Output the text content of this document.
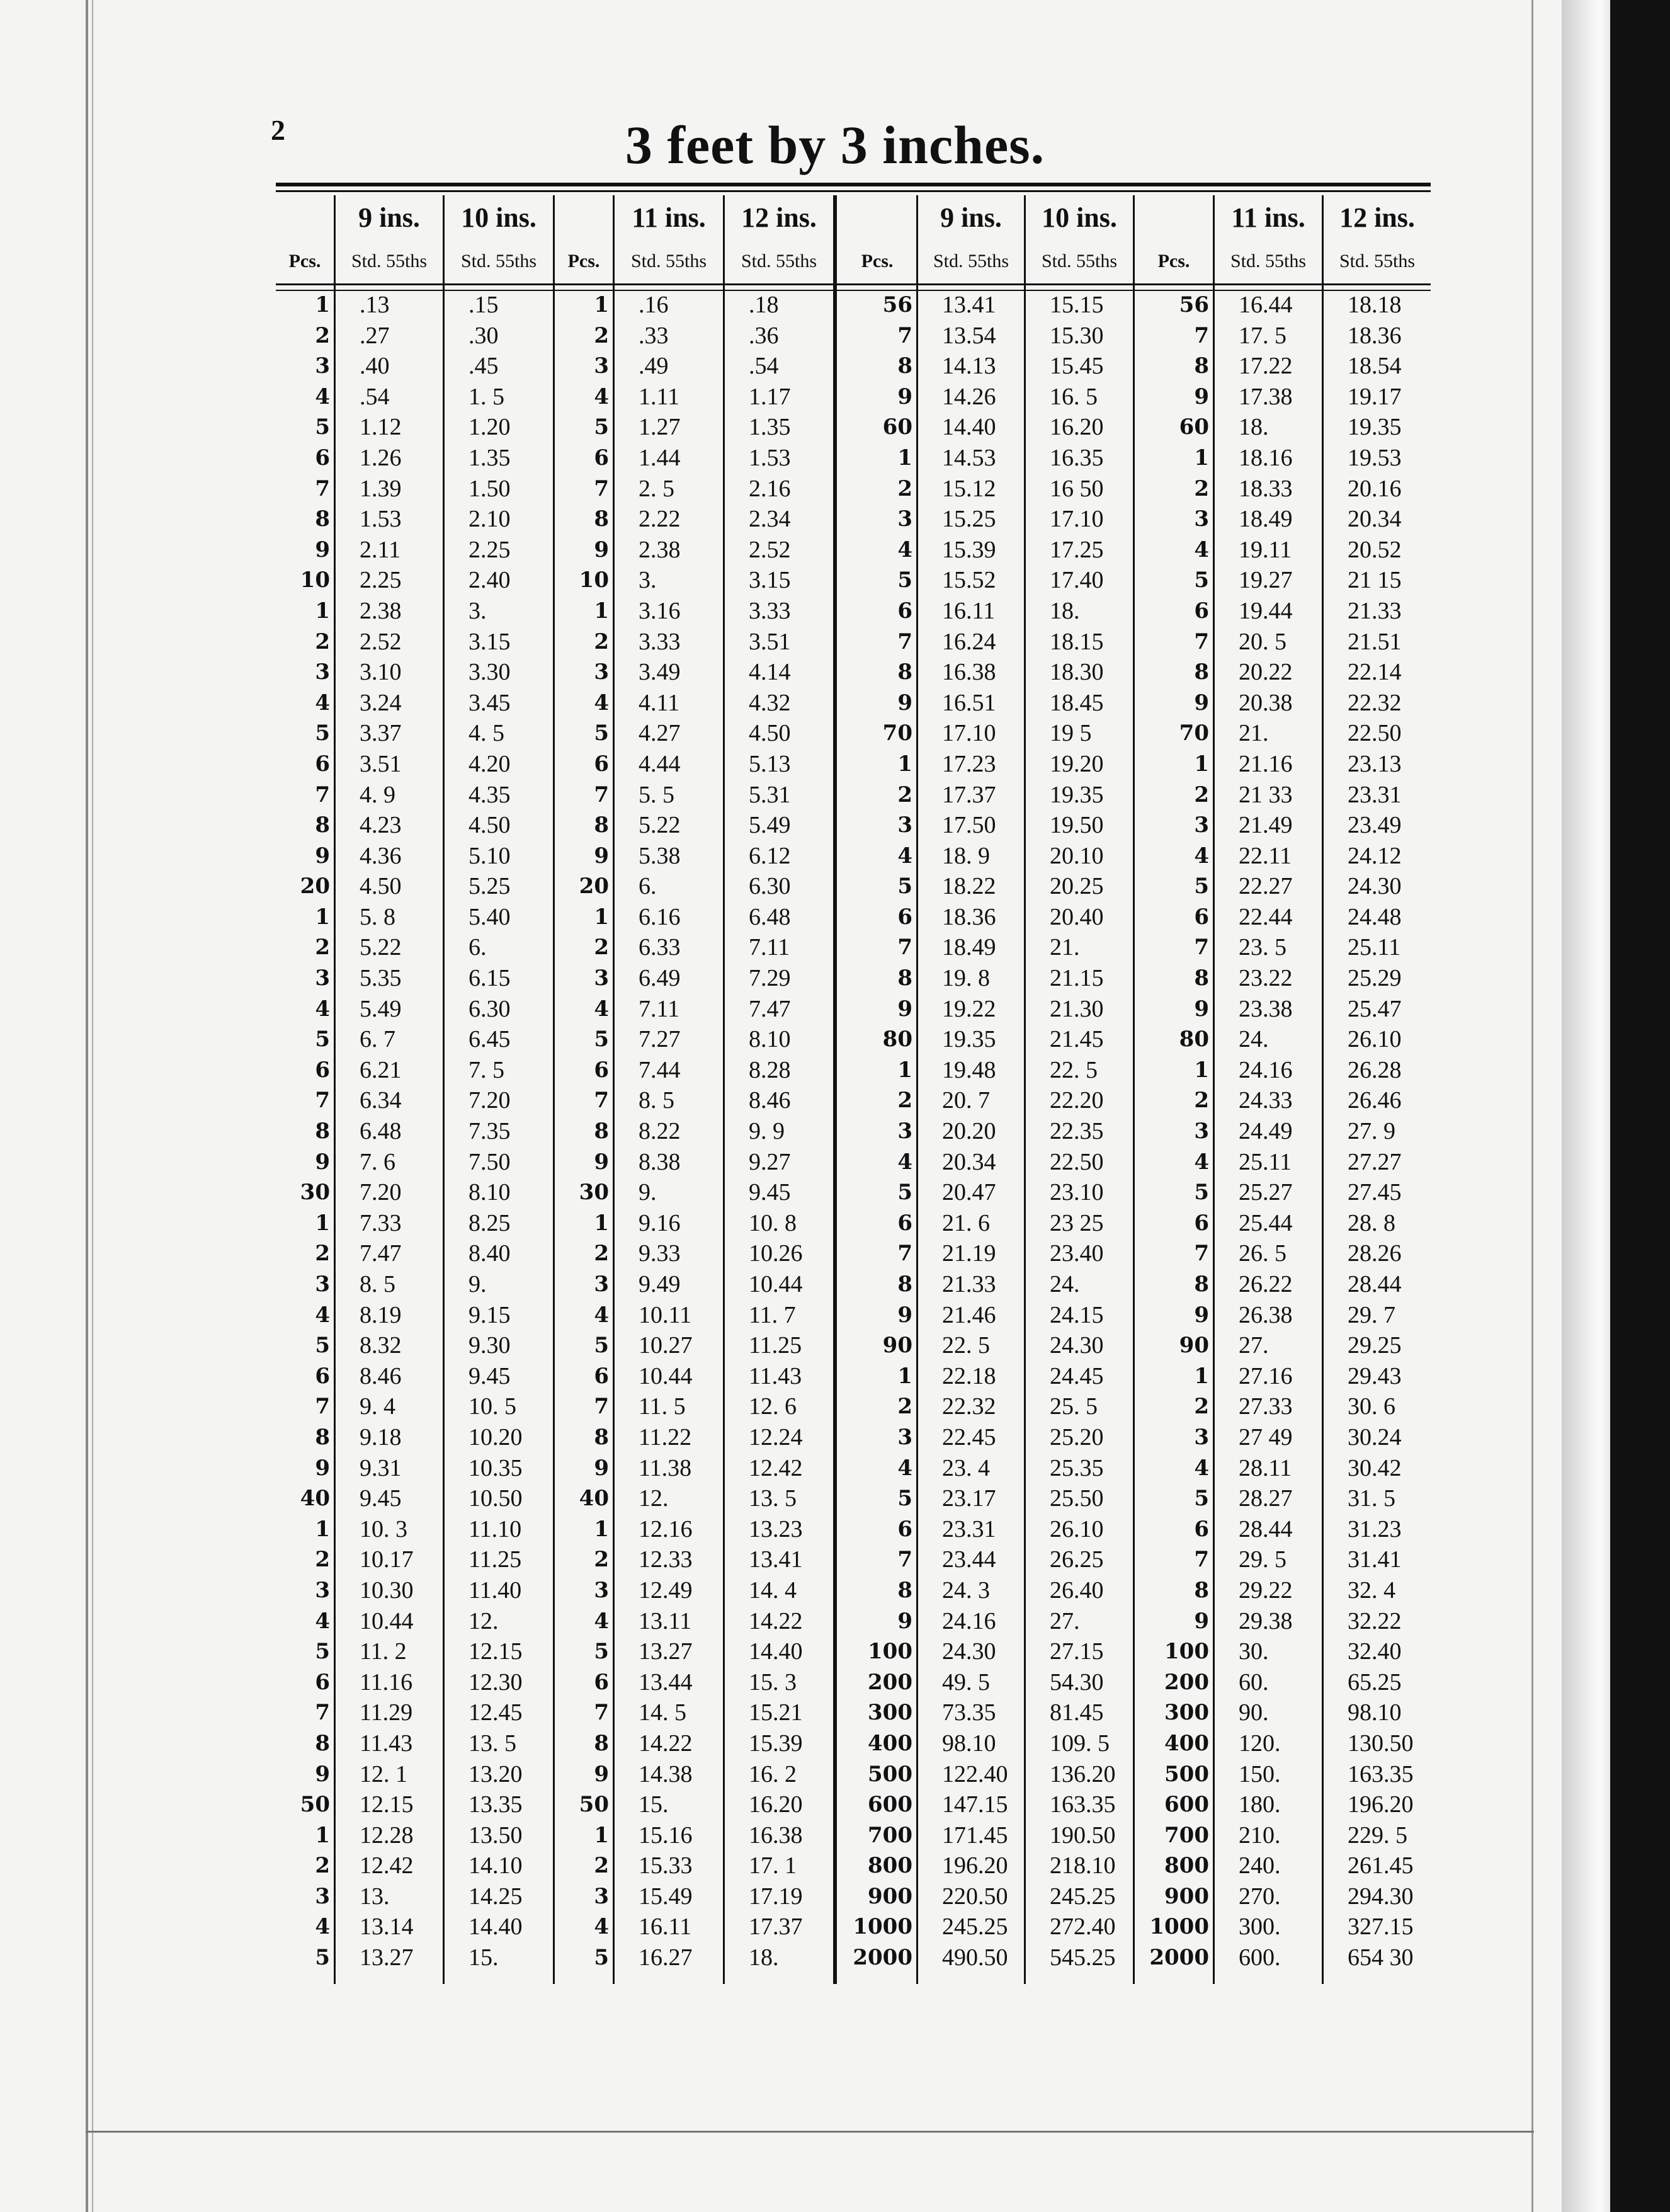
2	3 feet by 3 inches.
Pcs.
1
2
3
4
5
6
7
8
9
10
1
2
3
4
5
6
7
8
9
20
1
2
3
4
5
6
7
8
9
30
1
2
3
4
5
6
7
8
9
40
1
2
3
4
5
6
7
8
9
50
1
2
3
4
5
9 ins.
Std. 55ths
.13
.27
.40
.54
1.12
1.26
1.39
1.53
2.11
2.25
2.38
2.52
3.10
3.24
3.37
3.51
4. 9
4.23
4.36
4.50
5. 8
5.22
5.35
5.49
6. 7
6.21
6.34
6.48
7. 6
7.20
7.33
7.47
8. 5
8.19
8.32
8.46
9. 4
9.18
9.31
9.45
10. 3
10.17
10.30
10.44
11. 2
11.16
11.29
11.43
12. 1
12.15
12.28
12.42
13.
13.14
13.27
10 ins.
Std. 55ths
.15
.30
.45
1. 5
1.20
1.35
1.50
2.10
2.25
2.40
3.
3.15
3.30
3.45
4. 5
4.20
4.35
4.50
5.10
5.25
5.40
6.
6.15
6.30
6.45
7. 5
7.20
7.35
7.50
8.10
8.25
8.40
9.
9.15
9.30
9.45
10. 5
10.20
10.35
10.50
11.10
11.25
11.40
12.
12.15
12.30
12.45
13. 5
13.20
13.35
13.50
14.10
14.25
14.40
15.
Pcs.
1
2
3
4
5
6
7
8
9
10
1
2
3
4
5
6
7
8
9
20
1
2
3
4
5
6
7
8
9
30
1
2
3
4
5
6
7
8
9
40
1
2
3
4
5
6
7
8
9
50
1
2
3
4
5
11 ins.
Std. 55ths
.16
.33
.49
1.11
1.27
1.44
2. 5
2.22
2.38
3.
3.16
3.33
3.49
4.11
4.27
4.44
5. 5
5.22
5.38
6.
6.16
6.33
6.49
7.11
7.27
7.44
8. 5
8.22
8.38
9.
9.16
9.33
9.49
10.11
10.27
10.44
11. 5
11.22
11.38
12.
12.16
12.33
12.49
13.11
13.27
13.44
14. 5
14.22
14.38
15.
15.16
15.33
15.49
16.11
16.27
12 ins.
Std. 55ths
.18
.36
.54
1.17
1.35
1.53
2.16
2.34
2.52
3.15
3.33
3.51
4.14
4.32
4.50
5.13
5.31
5.49
6.12
6.30
6.48
7.11
7.29
7.47
8.10
8.28
8.46
9. 9
9.27
9.45
10. 8
10.26
10.44
11. 7
11.25
11.43
12. 6
12.24
12.42
13. 5
13.23
13.41
14. 4
14.22
14.40
15. 3
15.21
15.39
16. 2
16.20
16.38
17. 1
17.19
17.37
18.
Pcs.
56
7
8
9
60
1
2
3
4
5
6
7
8
9
70
1
2
3
4
5
6
7
8
9
80
1
2
3
4
5
6
7
8
9
90
1
2
3
4
5
6
7
8
9
100
200
300
400
500
600
700
800
900
1000
2000
9 ins.
Std. 55ths
13.41
13.54
14.13
14.26
14.40
14.53
15.12
15.25
15.39
15.52
16.11
16.24
16.38
16.51
17.10
17.23
17.37
17.50
18. 9
18.22
18.36
18.49
19. 8
19.22
19.35
19.48
20. 7
20.20
20.34
20.47
21. 6
21.19
21.33
21.46
22. 5
22.18
22.32
22.45
23. 4
23.17
23.31
23.44
24. 3
24.16
24.30
49. 5
73.35
98.10
122.40
147.15
171.45
196.20
220.50
245.25
490.50
10 ins.
Std. 55ths
15.15
15.30
15.45
16. 5
16.20
16.35
16 50
17.10
17.25
17.40
18.
18.15
18.30
18.45
19 5
19.20
19.35
19.50
20.10
20.25
20.40
21.
21.15
21.30
21.45
22. 5
22.20
22.35
22.50
23.10
23 25
23.40
24.
24.15
24.30
24.45
25. 5
25.20
25.35
25.50
26.10
26.25
26.40
27.
27.15
54.30
81.45
109. 5
136.20
163.35
190.50
218.10
245.25
272.40
545.25
Pcs.
56
7
8
9
60
1
2
3
4
5
6
7
8
9
70
1
2
3
4
5
6
7
8
9
80
1
2
3
4
5
6
7
8
9
90
1
2
3
4
5
6
7
8
9
100
200
300
400
500
600
700
800
900
1000
2000
11 ins.
Std. 55ths
16.44
17. 5
17.22
17.38
18.
18.16
18.33
18.49
19.11
19.27
19.44
20. 5
20.22
20.38
21.
21.16
21 33
21.49
22.11
22.27
22.44
23. 5
23.22
23.38
24.
24.16
24.33
24.49
25.11
25.27
25.44
26. 5
26.22
26.38
27.
27.16
27.33
27 49
28.11
28.27
28.44
29. 5
29.22
29.38
30.
60.
90.
120.
150.
180.
210.
240.
270.
300.
600.
12 ins.
Std. 55ths
18.18
18.36
18.54
19.17
19.35
19.53
20.16
20.34
20.52
21 15
21.33
21.51
22.14
22.32
22.50
23.13
23.31
23.49
24.12
24.30
24.48
25.11
25.29
25.47
26.10
26.28
26.46
27. 9
27.27
27.45
28. 8
28.26
28.44
29. 7
29.25
29.43
30. 6
30.24
30.42
31. 5
31.23
31.41
32. 4
32.22
32.40
65.25
98.10
130.50
163.35
196.20
229. 5
261.45
294.30
327.15
654 30
